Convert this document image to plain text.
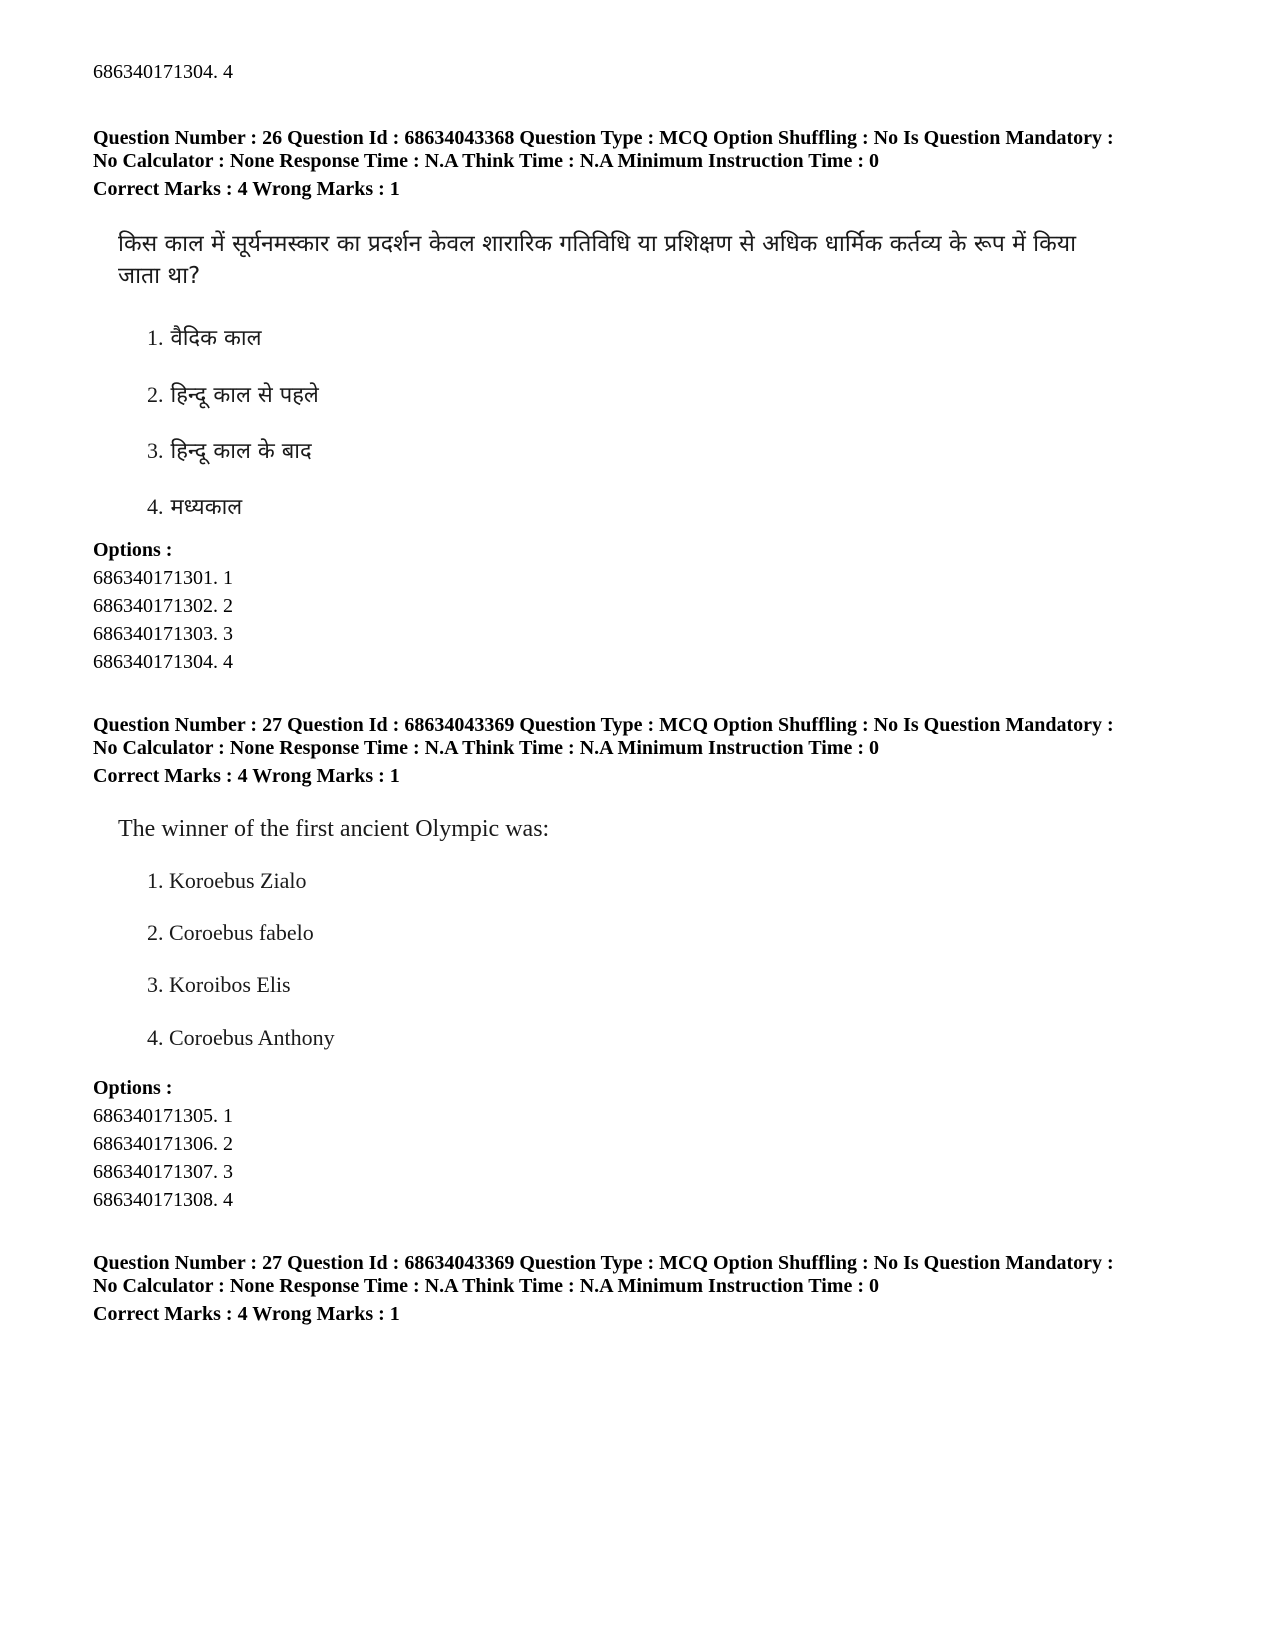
686340171304. 4
Question Number : 26 Question Id : 68634043368 Question Type : MCQ Option Shuffling : No Is Question Mandatory :
No Calculator : None Response Time : N.A Think Time : N.A Minimum Instruction Time : 0
Correct Marks : 4 Wrong Marks : 1
किस काल में सूर्यनमस्कार का प्रदर्शन केवल शारारिक गतिविधि या प्रशिक्षण से अधिक धार्मिक कर्तव्य के रूप में किया
जाता था?
1. वैदिक काल
2. हिन्दू काल से पहले
3. हिन्दू काल के बाद
4. मध्यकाल
Options :
686340171301. 1
686340171302. 2
686340171303. 3
686340171304. 4
Question Number : 27 Question Id : 68634043369 Question Type : MCQ Option Shuffling : No Is Question Mandatory :
No Calculator : None Response Time : N.A Think Time : N.A Minimum Instruction Time : 0
Correct Marks : 4 Wrong Marks : 1
The winner of the first ancient Olympic was:
1. Koroebus Zialo
2. Coroebus fabelo
3. Koroibos Elis
4. Coroebus Anthony
Options :
686340171305. 1
686340171306. 2
686340171307. 3
686340171308. 4
Question Number : 27 Question Id : 68634043369 Question Type : MCQ Option Shuffling : No Is Question Mandatory :
No Calculator : None Response Time : N.A Think Time : N.A Minimum Instruction Time : 0
Correct Marks : 4 Wrong Marks : 1
